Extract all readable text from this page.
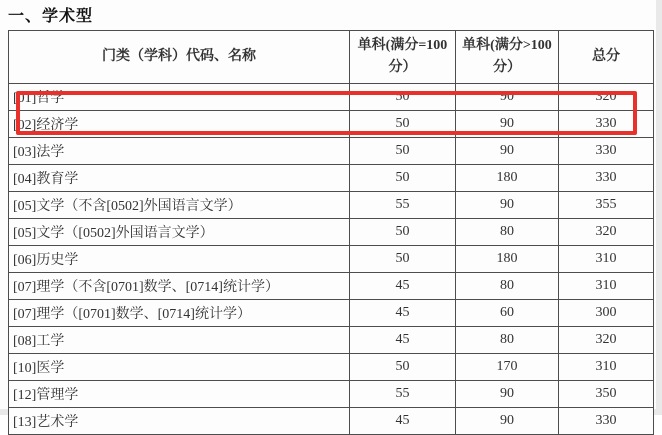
一、学术型
门类（学科）代码、名称	单科(满分=100分）	单科(满分>100分）	总分
[01]哲学	50	90	320
[02]经济学	50	90	330
[03]法学	50	90	330
[04]教育学	50	180	330
[05]文学（不含[0502]外国语言文学）	55	90	355
[05]文学（[0502]外国语言文学）	50	80	320
[06]历史学	50	180	310
[07]理学（不含[0701]数学、[0714]统计学）	45	80	310
[07]理学（[0701]数学、[0714]统计学）	45	60	300
[08]工学	45	80	320
[10]医学	50	170	310
[12]管理学	55	90	350
[13]艺术学	45	90	330
